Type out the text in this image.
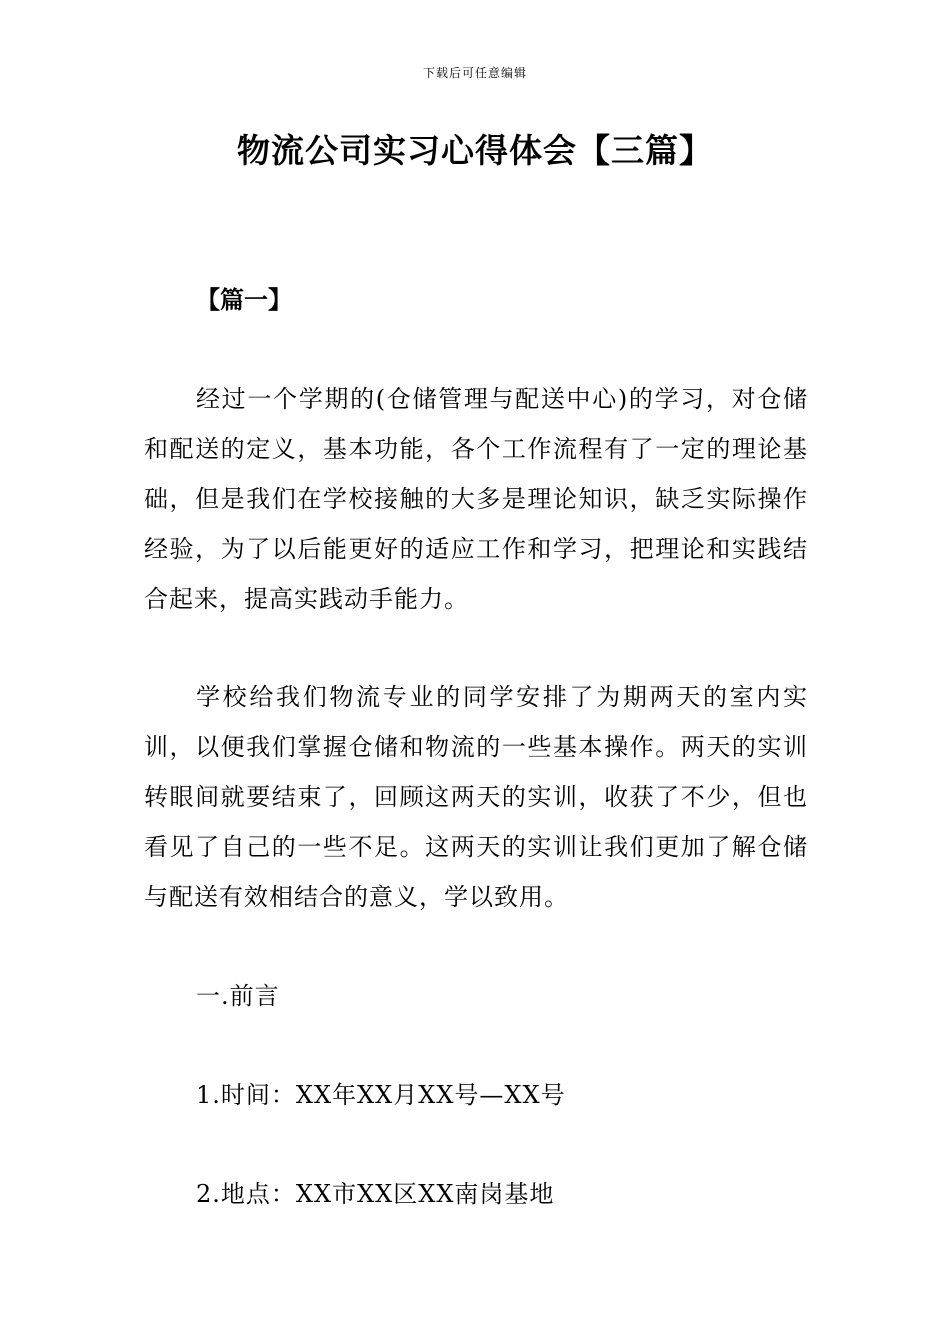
下载后可任意编辑
物流公司实习心得体会【三篇】
【篇一】

经过一个学期的(仓储管理与配送中心)的学习，对仓储和配送的定义，基本功能，各个工作流程有了一定的理论基础，但是我们在学校接触的大多是理论知识，缺乏实际操作经验，为了以后能更好的适应工作和学习，把理论和实践结合起来，提高实践动手能力。

学校给我们物流专业的同学安排了为期两天的室内实训，以便我们掌握仓储和物流的一些基本操作。两天的实训转眼间就要结束了，回顾这两天的实训，收获了不少，但也看见了自己的一些不足。这两天的实训让我们更加了解仓储与配送有效相结合的意义，学以致用。

一.前言
1.时间：XX年XX月XX号—XX号
2.地点：XX市XX区XX南岗基地
